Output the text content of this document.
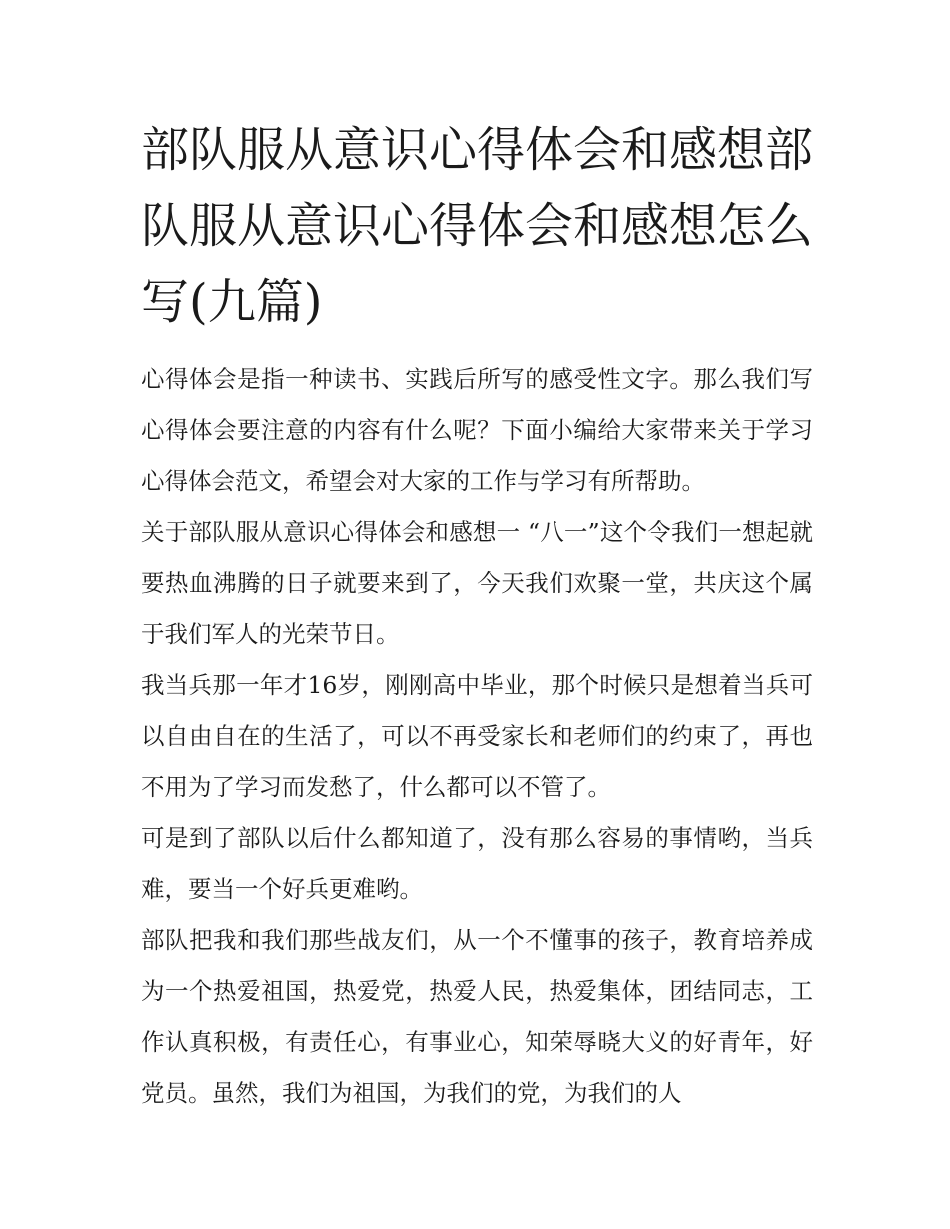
部队服从意识心得体会和感想部队服从意识心得体会和感想怎么写(九篇)

心得体会是指一种读书、实践后所写的感受性文字。那么我们写心得体会要注意的内容有什么呢？下面小编给大家带来关于学习心得体会范文，希望会对大家的工作与学习有所帮助。

关于部队服从意识心得体会和感想一 “八一”这个令我们一想起就要热血沸腾的日子就要来到了，今天我们欢聚一堂，共庆这个属于我们军人的光荣节日。

我当兵那一年才16岁，刚刚高中毕业，那个时候只是想着当兵可以自由自在的生活了，可以不再受家长和老师们的约束了，再也不用为了学习而发愁了，什么都可以不管了。

可是到了部队以后什么都知道了，没有那么容易的事情哟，当兵难，要当一个好兵更难哟。

部队把我和我们那些战友们，从一个不懂事的孩子，教育培养成为一个热爱祖国，热爱党，热爱人民，热爱集体，团结同志，工作认真积极，有责任心，有事业心，知荣辱晓大义的好青年，好党员。虽然，我们为祖国，为我们的党，为我们的人
